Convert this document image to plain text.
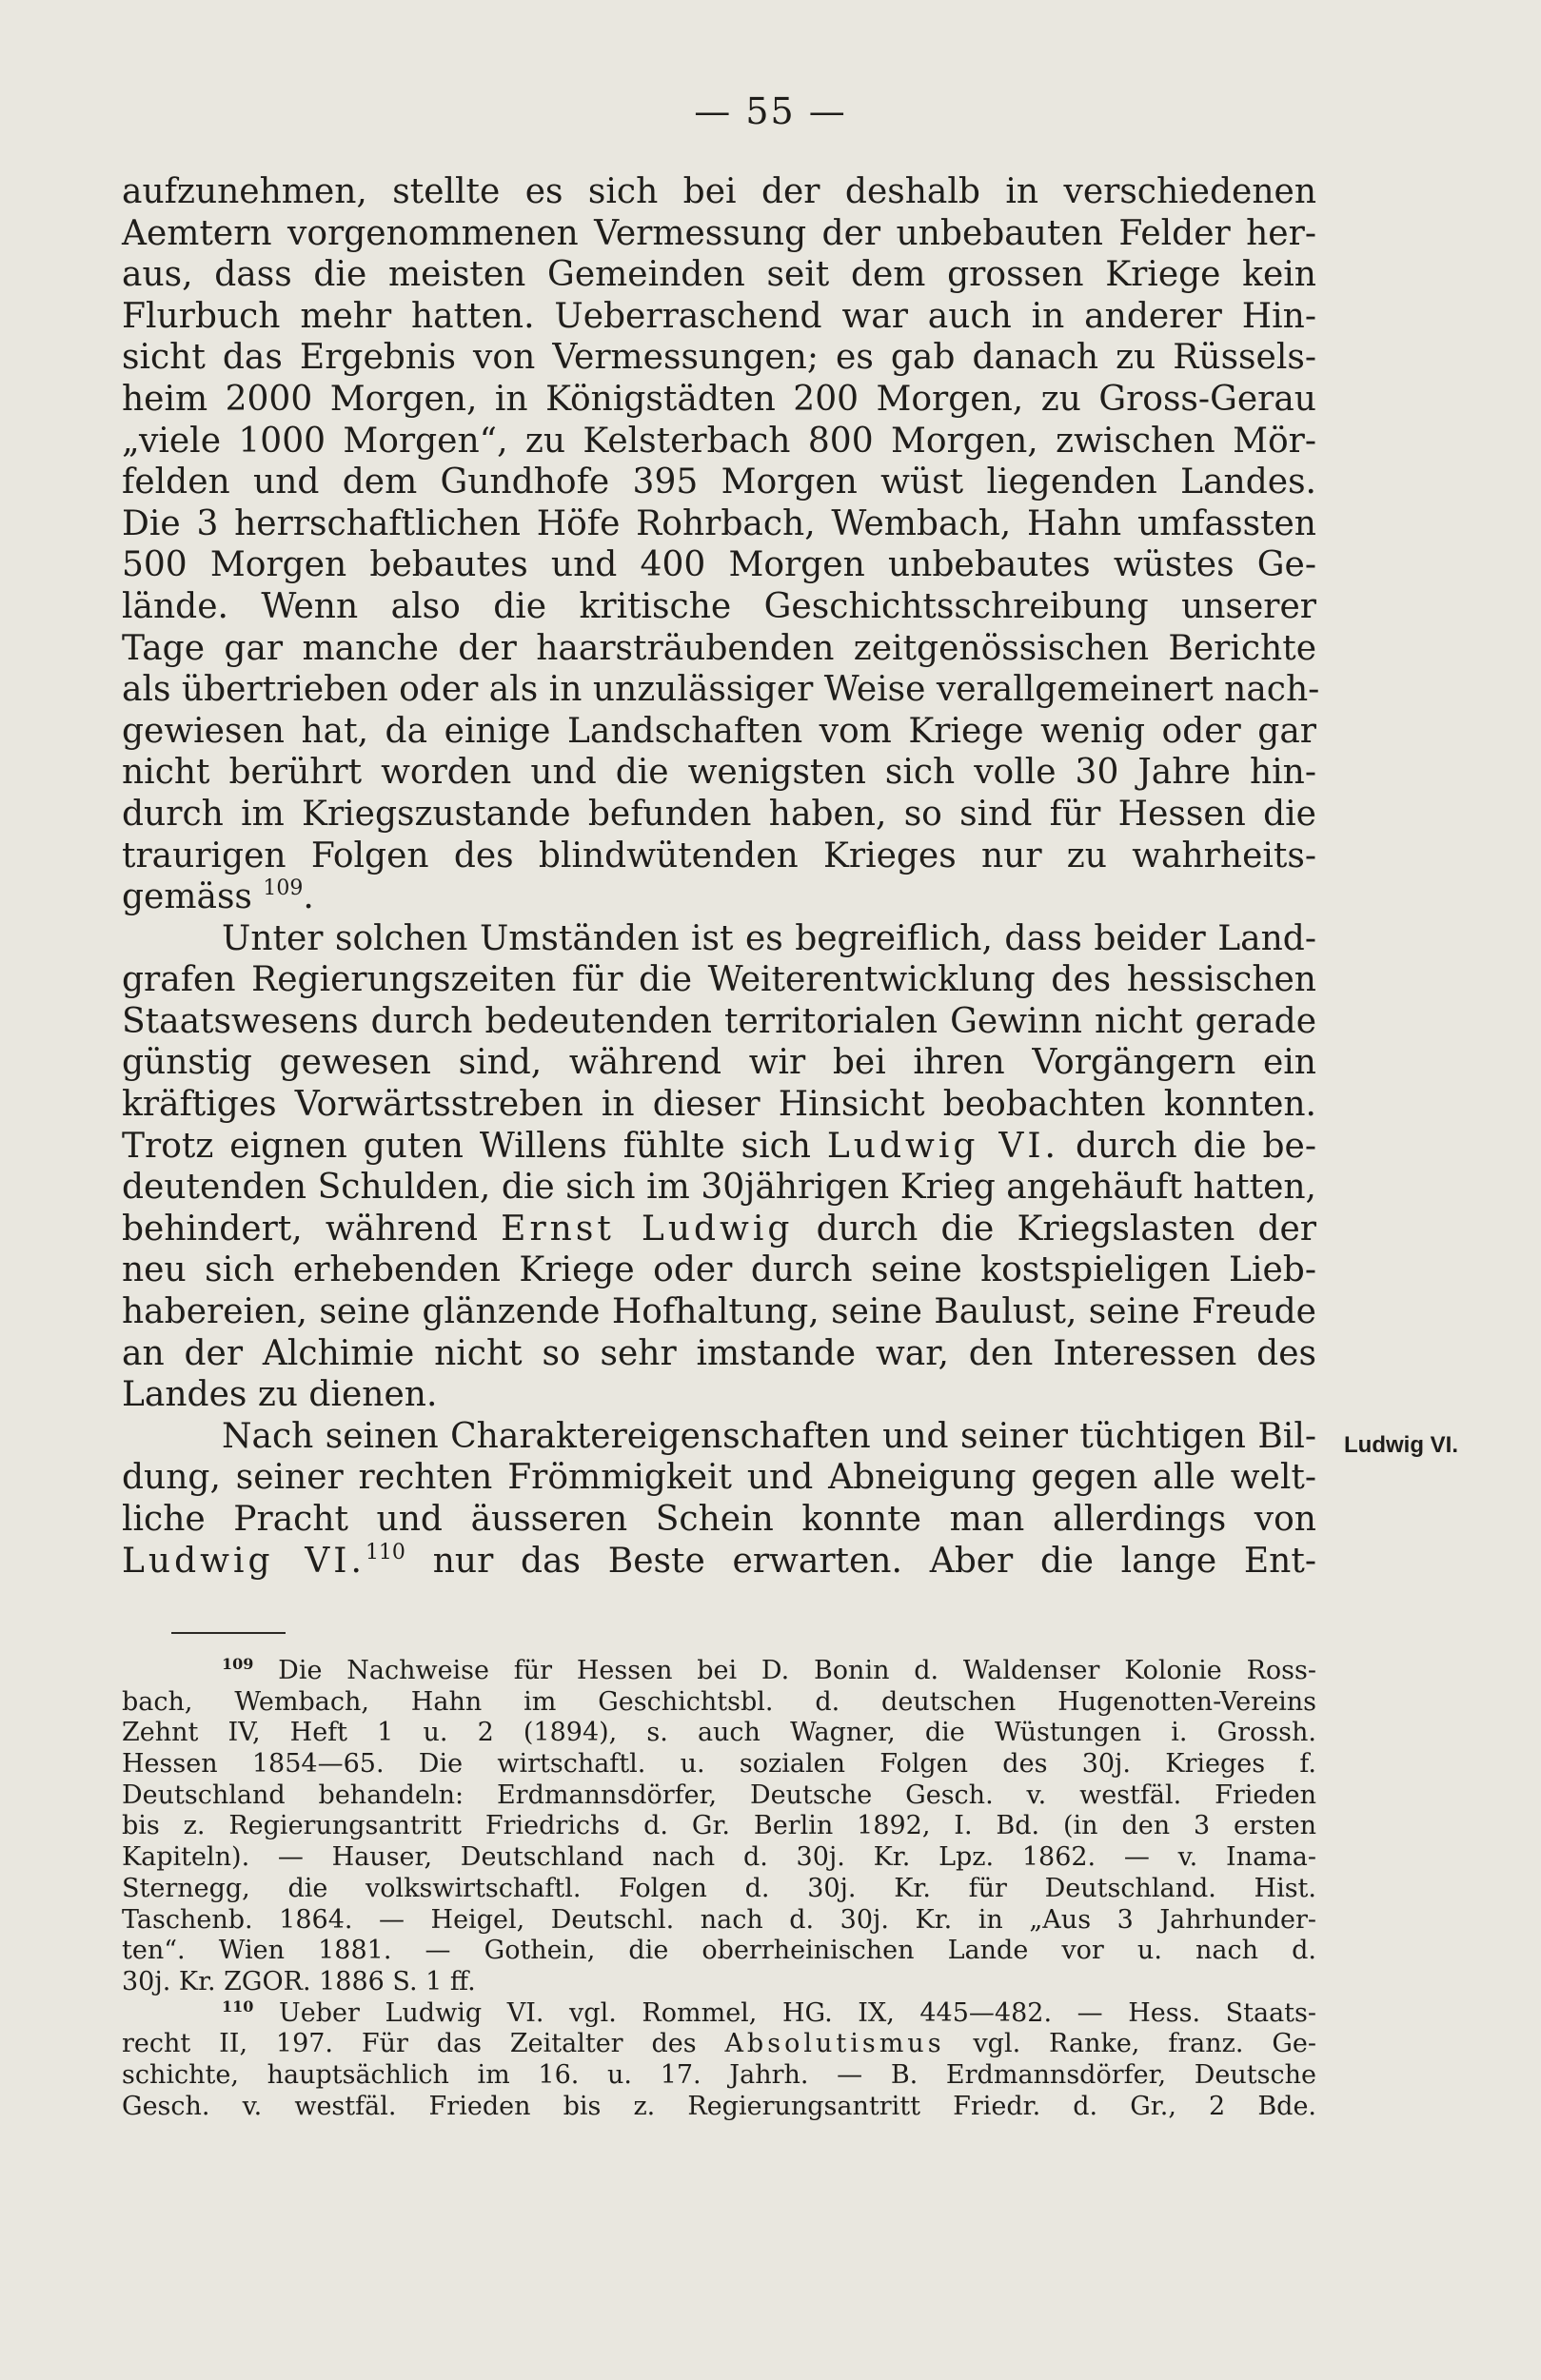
— 55 —
aufzunehmen, stellte es sich bei der deshalb in verschiedenen
Aemtern vorgenommenen Vermessung der unbebauten Felder her-
aus, dass die meisten Gemeinden seit dem grossen Kriege kein
Flurbuch mehr hatten. Ueberraschend war auch in anderer Hin-
sicht das Ergebnis von Vermessungen; es gab danach zu Rüssels-
heim 2000 Morgen, in Königstädten 200 Morgen, zu Gross-Gerau
„viele 1000 Morgen“, zu Kelsterbach 800 Morgen, zwischen Mör-
felden und dem Gundhofe 395 Morgen wüst liegenden Landes.
Die 3 herrschaftlichen Höfe Rohrbach, Wembach, Hahn umfassten
500 Morgen bebautes und 400 Morgen unbebautes wüstes Ge-
lände. Wenn also die kritische Geschichtsschreibung unserer
Tage gar manche der haarsträubenden zeitgenössischen Berichte
als übertrieben oder als in unzulässiger Weise verallgemeinert nach-
gewiesen hat, da einige Landschaften vom Kriege wenig oder gar
nicht berührt worden und die wenigsten sich volle 30 Jahre hin-
durch im Kriegszustande befunden haben, so sind für Hessen die
traurigen Folgen des blindwütenden Krieges nur zu wahrheits-
gemäss $^{109}$.
Unter solchen Umständen ist es begreiflich, dass beider Land-
grafen Regierungszeiten für die Weiterentwicklung des hessischen
Staatswesens durch bedeutenden territorialen Gewinn nicht gerade
günstig gewesen sind, während wir bei ihren Vorgängern ein
kräftiges Vorwärtsstreben in dieser Hinsicht beobachten konnten.
Trotz eignen guten Willens fühlte sich Ludwig VI. durch die be-
deutenden Schulden, die sich im 30jährigen Krieg angehäuft hatten,
behindert, während Ernst Ludwig durch die Kriegslasten der
neu sich erhebenden Kriege oder durch seine kostspieligen Lieb-
habereien, seine glänzende Hofhaltung, seine Baulust, seine Freude
an der Alchimie nicht so sehr imstande war, den Interessen des
Landes zu dienen.
Nach seinen Charaktereigenschaften und seiner tüchtigen Bil-
dung, seiner rechten Frömmigkeit und Abneigung gegen alle welt-
liche Pracht und äusseren Schein konnte man allerdings von
Ludwig VI.$^{110}$ nur das Beste erwarten. Aber die lange Ent-
Ludwig VI.
$^{109}$ Die Nachweise für Hessen bei D. Bonin d. Waldenser Kolonie Ross-
bach, Wembach, Hahn im Geschichtsbl. d. deutschen Hugenotten-Vereins
Zehnt IV, Heft 1 u. 2 (1894), s. auch Wagner, die Wüstungen i. Grossh.
Hessen 1854—65. Die wirtschaftl. u. sozialen Folgen des 30j. Krieges f.
Deutschland behandeln: Erdmannsdörfer, Deutsche Gesch. v. westfäl. Frieden
bis z. Regierungsantritt Friedrichs d. Gr. Berlin 1892, I. Bd. (in den 3 ersten
Kapiteln). — Hauser, Deutschland nach d. 30j. Kr. Lpz. 1862. — v. Inama-
Sternegg, die volkswirtschaftl. Folgen d. 30j. Kr. für Deutschland. Hist.
Taschenb. 1864. — Heigel, Deutschl. nach d. 30j. Kr. in „Aus 3 Jahrhunder-
ten“. Wien 1881. — Gothein, die oberrheinischen Lande vor u. nach d.
30j. Kr. ZGOR. 1886 S. 1 ff.
$^{110}$ Ueber Ludwig VI. vgl. Rommel, HG. IX, 445—482. — Hess. Staats-
recht II, 197. Für das Zeitalter des Absolutismus vgl. Ranke, franz. Ge-
schichte, hauptsächlich im 16. u. 17. Jahrh. — B. Erdmannsdörfer, Deutsche
Gesch. v. westfäl. Frieden bis z. Regierungsantritt Friedr. d. Gr., 2 Bde.
